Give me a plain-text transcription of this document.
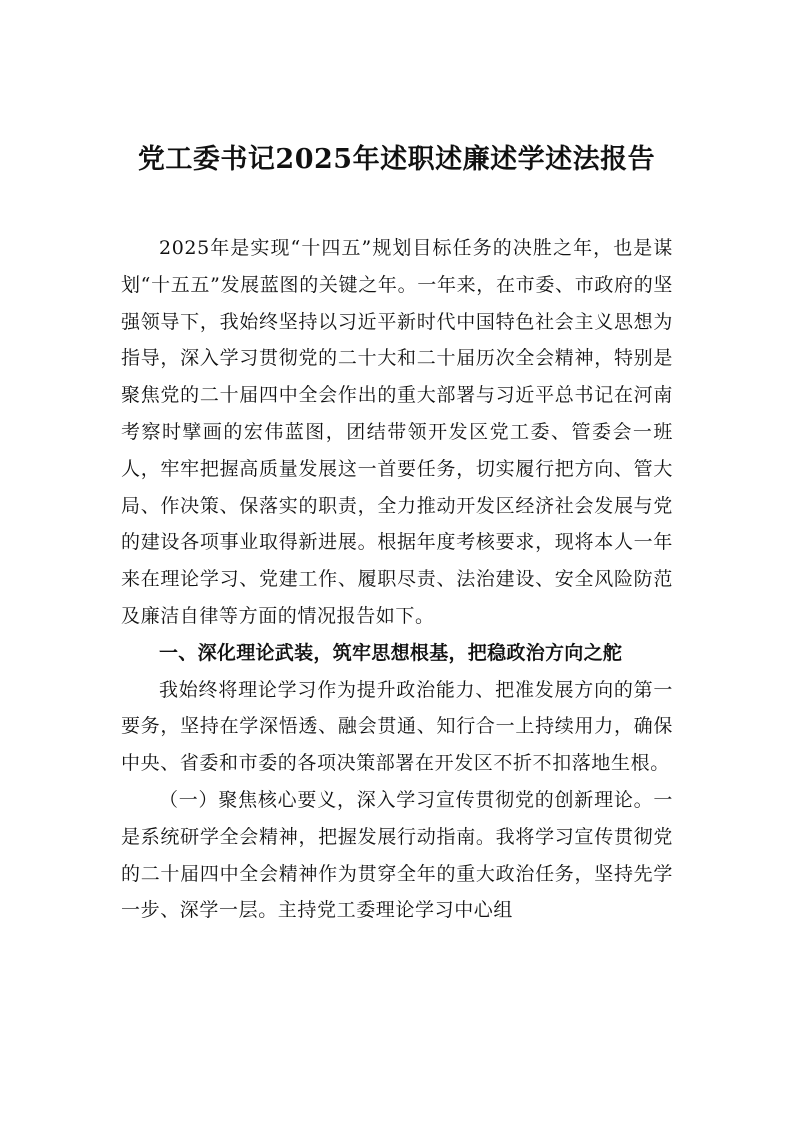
党工委书记2025年述职述廉述学述法报告

2025年是实现“十四五”规划目标任务的决胜之年，也是谋划“十五五”发展蓝图的关键之年。一年来，在市委、市政府的坚强领导下，我始终坚持以习近平新时代中国特色社会主义思想为指导，深入学习贯彻党的二十大和二十届历次全会精神，特别是聚焦党的二十届四中全会作出的重大部署与习近平总书记在河南考察时擘画的宏伟蓝图，团结带领开发区党工委、管委会一班人，牢牢把握高质量发展这一首要任务，切实履行把方向、管大局、作决策、保落实的职责，全力推动开发区经济社会发展与党的建设各项事业取得新进展。根据年度考核要求，现将本人一年来在理论学习、党建工作、履职尽责、法治建设、安全风险防范及廉洁自律等方面的情况报告如下。

一、深化理论武装，筑牢思想根基，把稳政治方向之舵

我始终将理论学习作为提升政治能力、把准发展方向的第一要务，坚持在学深悟透、融会贯通、知行合一上持续用力，确保中央、省委和市委的各项决策部署在开发区不折不扣落地生根。

（一）聚焦核心要义，深入学习宣传贯彻党的创新理论。一是系统研学全会精神，把握发展行动指南。我将学习宣传贯彻党的二十届四中全会精神作为贯穿全年的重大政治任务，坚持先学一步、深学一层。主持党工委理论学习中心组
